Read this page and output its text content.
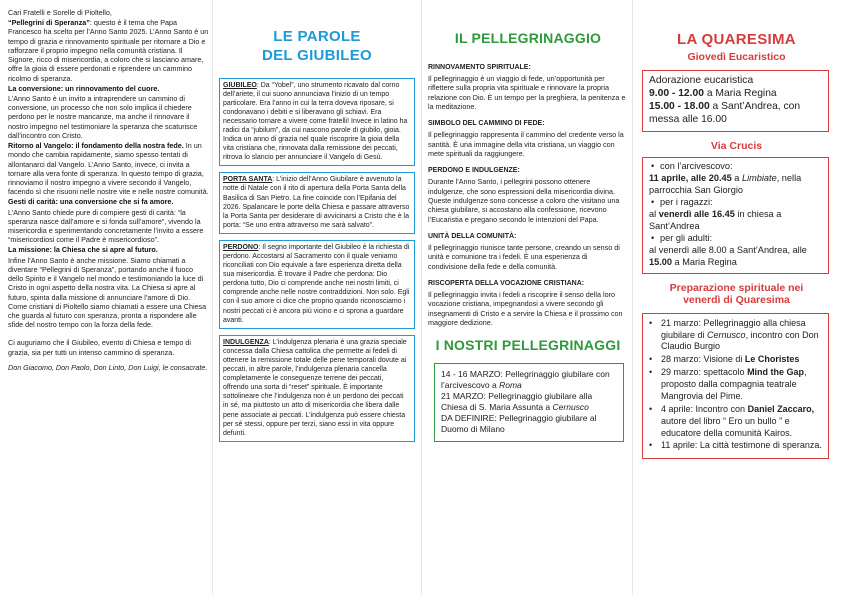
Cari Fratelli e Sorelle di Pioltello,

“Pellegrini di Speranza”: questo è il tema che Papa Francesco ha scelto per l’Anno Santo 2025. L’Anno Santo è un tempo di grazia e rinnovamento spirituale per ritornare a Dio e rafforzare il proprio impegno nella comunità cristiana. Il Signore, ricco di misericordia, a coloro che si lasciano amare, offre la gioia di essere perdonati e riprendere un cammino ricolmo di speranza.

La conversione: un rinnovamento del cuore.

L’Anno Santo è un invito a intraprendere un cammino di conversione, un processo che non solo implica il chiedere perdono per le nostre mancanze, ma anche il rinnovare il nostro impegno nel testimoniare la speranza che scaturisce dall’incontro con Cristo.

Ritorno al Vangelo: il fondamento della nostra fede. In un mondo che cambia rapidamente, siamo spesso tentati di allontanarci dal Vangelo. L’Anno Santo, invece, ci invita a tornare alla vera fonte di speranza. In questo tempo di grazia, rinnoviamo il nostro impegno a vivere secondo il Vangelo, facendo sì che risuoni nelle nostre vite e nelle nostre comunità.

Gesti di carità: una conversione che si fa amore.

L’Anno Santo chiede pure di compiere gesti di carità: “la speranza nasce dall’amore e si fonda sull’amore”, vivendo la misericordia e sperimentando concretamente l’invito a essere “misericordiosi come il Padre è misericordioso”.

La missione: la Chiesa che si apre al futuro.

Infine l’Anno Santo è anche missione. Siamo chiamati a diventare “Pellegrini di Speranza”, portando anche il fuoco dello Spirito e il Vangelo nel mondo e testimoniando la luce di Cristo in ogni aspetto della nostra vita. La Chiesa si apre al futuro, spinta dalla missione di annunciare l’amore di Dio. Come cristiani di Pioltello siamo chiamati a essere una Chiesa che guarda al futuro con speranza, pronta a rispondere alle sfide del nostro tempo con la forza della fede.

Ci auguriamo che il Giubileo, evento di Chiesa e tempo di grazia, sia per tutti un intenso cammino di speranza.

Don Giacomo, Don Paolo, Don Linto, Don Luigi, le consacrate.

LE PAROLE
DEL GIUBILEO
GIUBILEO: Da “Yobel”, uno strumento ricavato dal corno dell’ariete, il cui suono annunciava l’inizio di un tempo particolare. Era l’anno in cui la terra doveva riposare, si condonavano i debiti e si liberavano gli schiavi. Era necessario tornare a vivere come fratelli! Invece in latino ha radici da “jubilum”, da cui nascono parole di giubilo, gioia. Indica un anno di grazia nel quale riscoprire la gioia della vita cristiana che, rinnovata dalla remissione dei peccati, ritrova lo slancio per annunciare il Vangelo di Gesù.
PORTA SANTA: L’inizio dell’Anno Giubilare è avvenuto la notte di Natale con il rito di apertura della Porta Santa della Basilica di San Pietro. La fine coincide con l’Epifania del 2026. Spalancare le porte della Chiesa e passare attraverso la Porta Santa per desiderare di avvicinarsi a Cristo che è la porta: “Se uno entra attraverso me sarà salvato”.
PERDONO: Il segno importante del Giubileo è la richiesta di perdono. Accostarsi al Sacramento con il quale veniamo riconciliati con Dio equivale a fare esperienza diretta della sua misericordia. È trovare il Padre che perdona: Dio perdona tutto, Dio ci comprende anche nei nostri limiti, ci comprende anche nelle nostre contraddizioni. Non solo. Egli con il suo amore ci dice che proprio quando riconosciamo i nostri peccati ci è ancora più vicino e ci sprona a guardare avanti.
INDULGENZA: L’indulgenza plenaria è una grazia speciale concessa dalla Chiesa cattolica che permette ai fedeli di ottenere la remissione totale delle pene temporali dovute ai peccati, in altre parole, l’indulgenza plenaria cancella completamente le conseguenze terrene dei peccati, offrendo una sorta di “reset” spirituale. È importante sottolineare che l’indulgenza non è un perdono dei peccati in sé, ma piuttosto un atto di misericordia che libera dalle pene associate ai peccati. L’indulgenza può essere chiesta per sé stessi, oppure per terzi, siano essi in vita oppure defunti.
IL PELLEGRINAGGIO
RINNOVAMENTO SPIRITUALE:
Il pellegrinaggio è un viaggio di fede, un’opportunità per riflettere sulla propria vita spirituale e rinnovare la propria relazione con Dio. È un tempo per la preghiera, la penitenza e la meditazione.
SIMBOLO DEL CAMMINO DI FEDE:
Il pellegrinaggio rappresenta il cammino del credente verso la santità. È una immagine della vita cristiana, un viaggio con mete spirituali da raggiungere.
PERDONO E INDULGENZE:
Durante l’Anno Santo, i pellegrini possono ottenere indulgenze, che sono espressioni della misericordia divina. Queste indulgenze sono concesse a coloro che visitano una chiesa giubilare, si accostano alla confessione, ricevono l’Eucaristia e pregano secondo le intenzioni del Papa.
UNITÀ DELLA COMUNITÀ:
Il pellegrinaggio riunisce tante persone, creando un senso di unità e comunione tra i fedeli. È una esperienza di condivisione della fede e della comunità.
RISCOPERTA DELLA VOCAZIONE CRISTIANA:
Il pellegrinaggio invita i fedeli a riscoprire il senso della loro vocazione cristiana, impegnandosi a vivere secondo gli insegnamenti di Cristo e a servire la Chiesa e il prossimo con maggiore dedizione.
I NOSTRI PELLEGRINAGGI

14 - 16 MARZO: Pellegrinaggio giubilare con l’arcivescovo a Roma

21 MARZO: Pellegrinaggio giubilare alla Chiesa di S. Maria Assunta a Cernusco

DA DEFINIRE: Pellegrinaggio giubilare al Duomo di Milano

LA QUARESIMA
Giovedì Eucaristico

Adorazione eucaristica

9.00 - 12.00 a Maria Regina

15.00 - 18.00 a Sant’Andrea, con messa alle 16.00

Via Crucis

• con l’arcivescovo:

11 aprile, alle 20.45 a Limbiate, nella parrocchia San Giorgio

• per i ragazzi:

al venerdì alle 16.45 in chiesa a Sant’Andrea

• per gli adulti:

al venerdì alle 8.00 a Sant’Andrea, alle 15.00 a Maria Regina

Preparazione spirituale nei
venerdì di Quaresima
• 21 marzo: Pellegrinaggio alla chiesa giubilare di Cernusco, incontro con Don Claudio Burgio
• 28 marzo: Visione di Le Choristes
• 29 marzo: spettacolo Mind the Gap, proposto dalla compagnia teatrale Mangrovia del Pime.
• 4 aprile: Incontro con Daniel Zaccaro, autore del libro “ Ero un bullo ” e educatore della comunità Kairos.
• 11 aprile: La città testimone di speranza.
